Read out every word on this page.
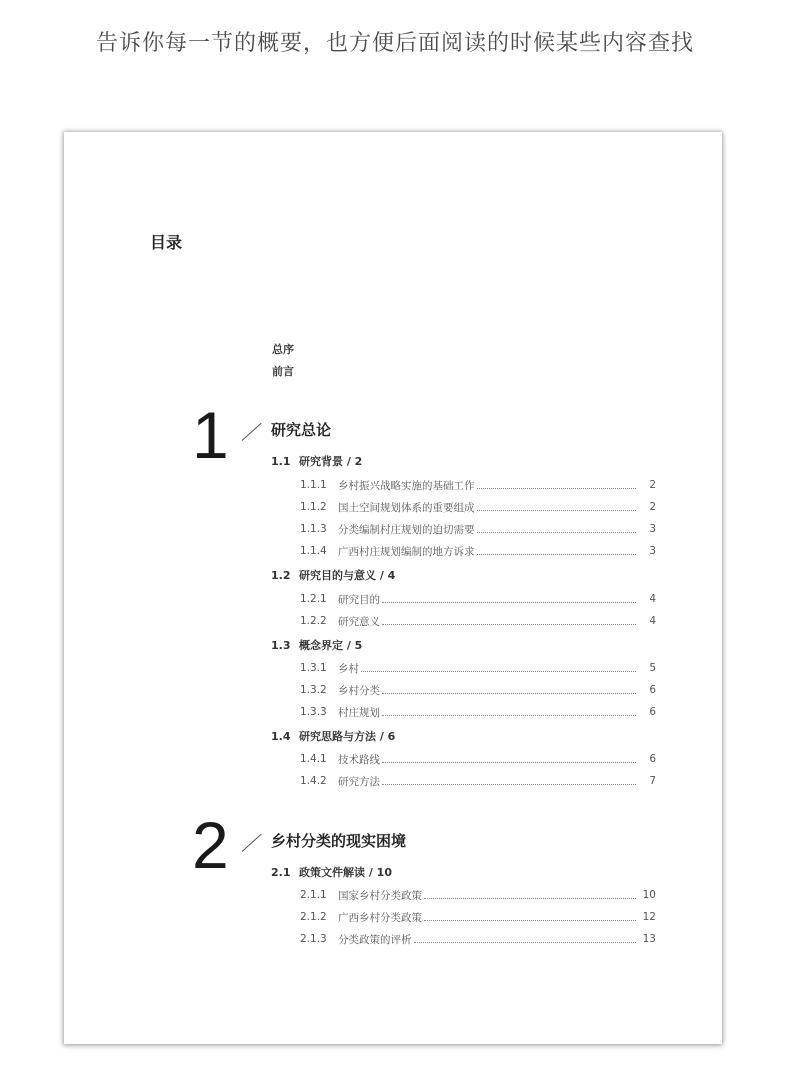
告诉你每一节的概要，也方便后面阅读的时候某些内容查找
目录
总序
前言
1	研究总论
1.1 研究背景 / 2
1.1.1	乡村振兴战略实施的基础工作	2
1.1.2	国土空间规划体系的重要组成	2
1.1.3	分类编制村庄规划的迫切需要	3
1.1.4	广西村庄规划编制的地方诉求	3
1.2 研究目的与意义 / 4
1.2.1	研究目的	4
1.2.2	研究意义	4
1.3 概念界定 / 5
1.3.1	乡村	5
1.3.2	乡村分类	6
1.3.3	村庄规划	6
1.4 研究思路与方法 / 6
1.4.1	技术路线	6
1.4.2	研究方法	7
2	乡村分类的现实困境
2.1 政策文件解读 / 10
2.1.1	国家乡村分类政策	10
2.1.2	广西乡村分类政策	12
2.1.3	分类政策的评析	13
